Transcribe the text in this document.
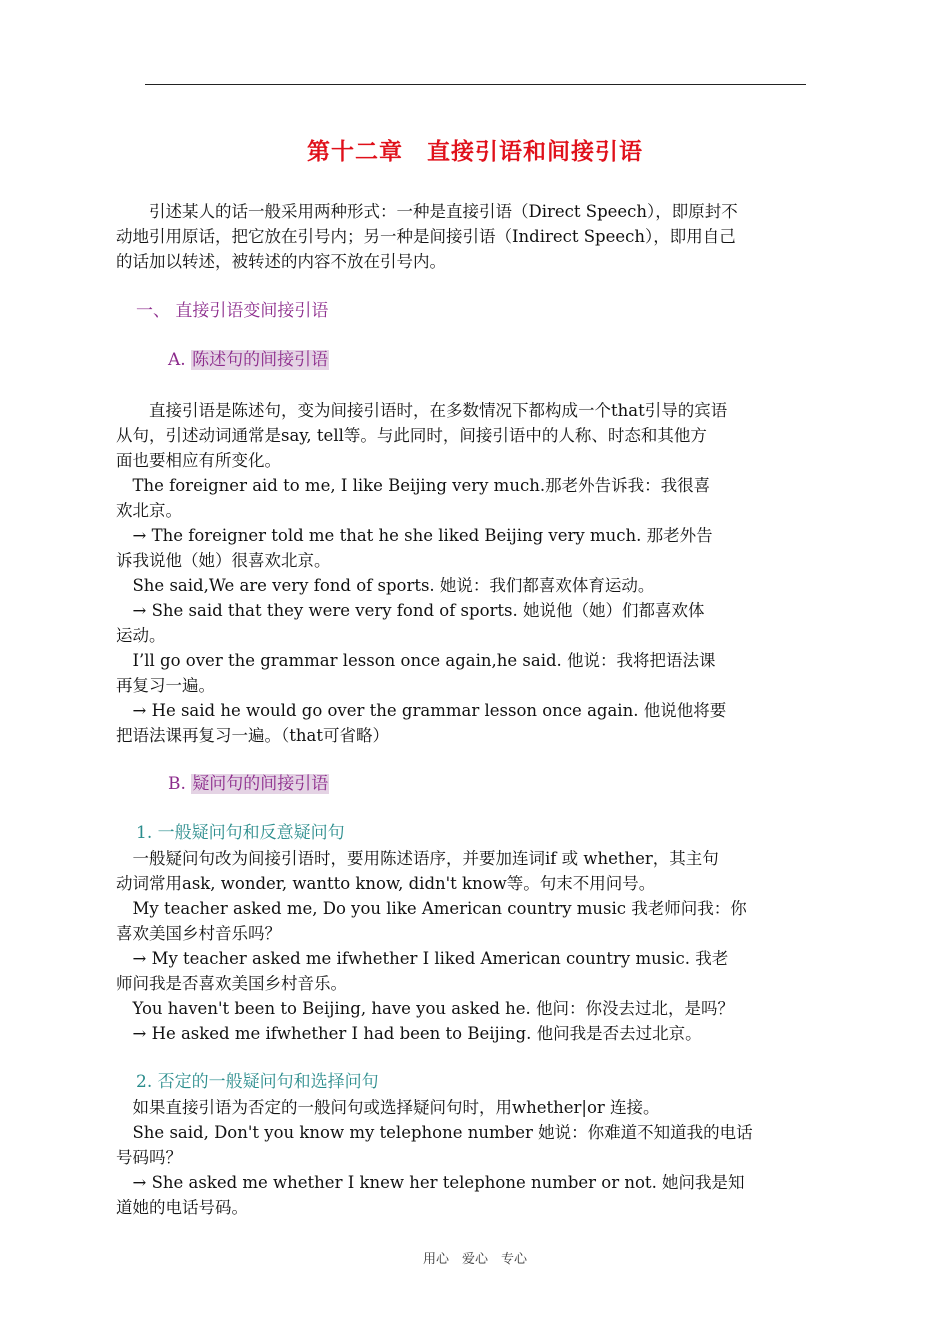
第十二章　直接引语和间接引语
　　引述某人的话一般采用两种形式：一种是直接引语（Direct Speech），即原封不
动地引用原话，把它放在引号内；另一种是间接引语（Indirect Speech），即用自己
的话加以转述，被转述的内容不放在引号内。
一、 直接引语变间接引语
A. 陈述句的间接引语
　　直接引语是陈述句，变为间接引语时，在多数情况下都构成一个that引导的宾语
从句，引述动词通常是say, tell等。与此同时，间接引语中的人称、时态和其他方
面也要相应有所变化。
　The foreigner aid to me, I like Beijing very much.那老外告诉我：我很喜
欢北京。
　→ The foreigner told me that he she liked Beijing very much. 那老外告
诉我说他（她）很喜欢北京。
　She said,We are very fond of sports. 她说：我们都喜欢体育运动。
　→ She said that they were very fond of sports. 她说他（她）们都喜欢体
运动。
　I’ll go over the grammar lesson once again,he said. 他说：我将把语法课
再复习一遍。
　→ He said he would go over the grammar lesson once again. 他说他将要
把语法课再复习一遍。（that可省略）
B. 疑问句的间接引语
1. 一般疑问句和反意疑问句
　一般疑问句改为间接引语时，要用陈述语序，并要加连词if 或 whether，其主句
动词常用ask, wonder, wantto know, didn't know等。句末不用问号。
　My teacher asked me, Do you like American country music 我老师问我：你
喜欢美国乡村音乐吗？
　→ My teacher asked me ifwhether I liked American country music. 我老
师问我是否喜欢美国乡村音乐。
　You haven't been to Beijing, have you asked he. 他问：你没去过北，是吗？
　→ He asked me ifwhether I had been to Beijing. 他问我是否去过北京。
2. 否定的一般疑问句和选择问句
　如果直接引语为否定的一般问句或选择疑问句时，用whether|or 连接。
　She said, Don't you know my telephone number 她说：你难道不知道我的电话
号码吗？
　→ She asked me whether I knew her telephone number or not. 她问我是知
道她的电话号码。
用心　爱心　专心
